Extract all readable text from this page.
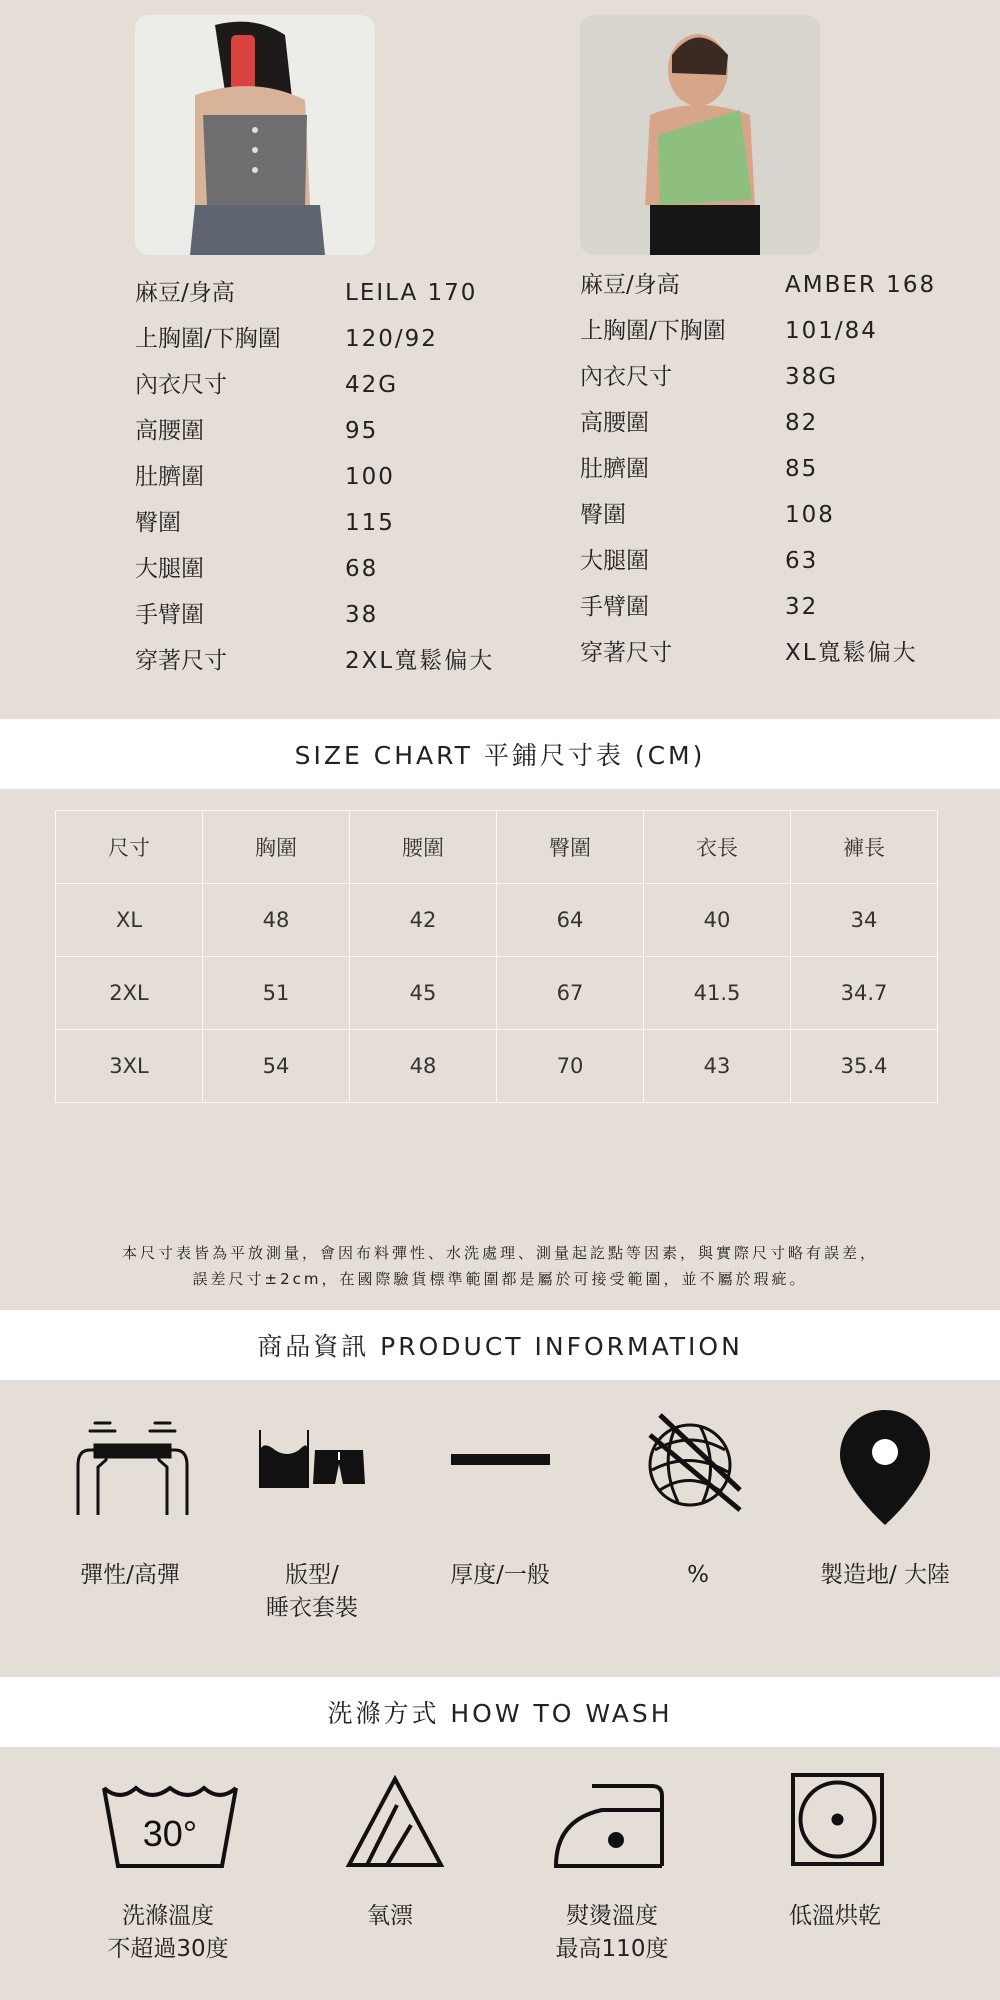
麻豆/身高	LEILA 170
上胸圍/下胸圍	120/92
內衣尺寸	42G
高腰圍	95
肚臍圍	100
臀圍	115
大腿圍	68
手臂圍	38
穿著尺寸	2XL寬鬆偏大
麻豆/身高	AMBER 168
上胸圍/下胸圍	101/84
內衣尺寸	38G
高腰圍	82
肚臍圍	85
臀圍	108
大腿圍	63
手臂圍	32
穿著尺寸	XL寬鬆偏大
SIZE CHART 平鋪尺寸表 (CM)
尺寸	胸圍	腰圍	臀圍	衣長	褲長
XL	48	42	64	40	34
2XL	51	45	67	41.5	34.7
3XL	54	48	70	43	35.4
本尺寸表皆為平放測量，會因布料彈性、水洗處理、測量起訖點等因素，與實際尺寸略有誤差，
誤差尺寸±2cm，在國際驗貨標準範圍都是屬於可接受範圍，並不屬於瑕疵。
商品資訊 PRODUCT INFORMATION
彈性/高彈	版型/
睡衣套裝
厚度/一般	%	製造地/ 大陸
洗滌方式 HOW TO WASH
30°
洗滌溫度
不超過30度
氧漂	熨燙溫度
最高110度
低溫烘乾
